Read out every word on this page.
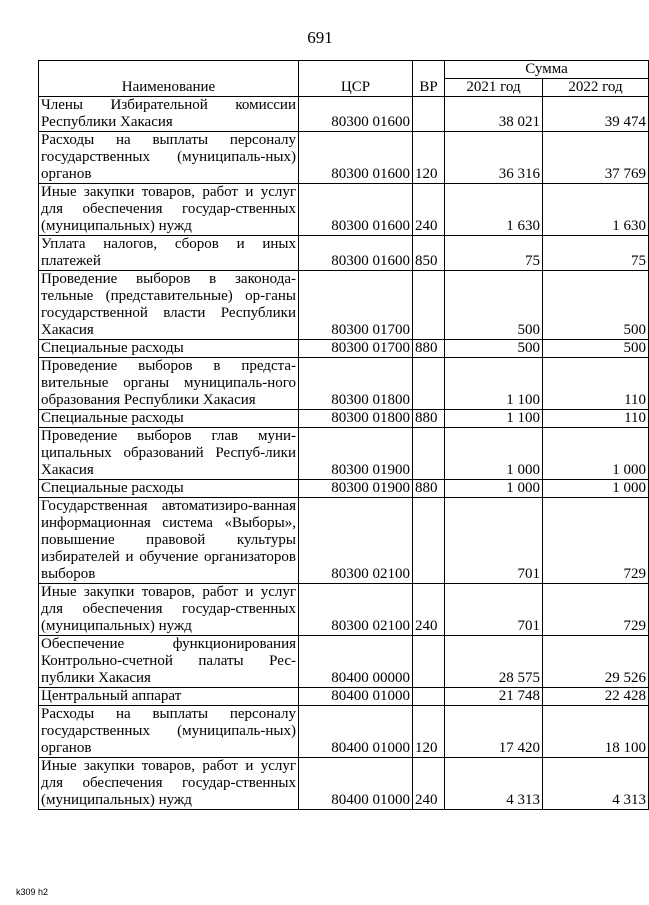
691
Наименование	ЦСР	ВР	Сумма	
			2021 год	2022 год
Члены Избирательной комиссии Республики Хакасия	80300 01600		38 021	39 474
Расходы на выплаты персоналу государственных (муниципаль-ных) органов	80300 01600	120	36 316	37 769
Иные закупки товаров, работ и услуг для обеспечения государ-ственных (муниципальных) нужд	80300 01600	240	1 630	1 630
Уплата налогов, сборов и иных платежей	80300 01600	850	75	75
Проведение выборов в законода-тельные (представительные) ор-ганы государственной власти Республики Хакасия	80300 01700		500	500
Специальные расходы	80300 01700	880	500	500
Проведение выборов в предста-вительные органы муниципаль-ного образования Республики Хакасия	80300 01800		1 100	110
Специальные расходы	80300 01800	880	1 100	110
Проведение выборов глав муни-ципальных образований Респуб-лики Хакасия	80300 01900		1 000	1 000
Специальные расходы	80300 01900	880	1 000	1 000
Государственная автоматизиро-ванная информационная система «Выборы», повышение правовой культуры избирателей и обучение организаторов выборов	80300 02100		701	729
Иные закупки товаров, работ и услуг для обеспечения государ-ственных (муниципальных) нужд	80300 02100	240	701	729
Обеспечение функционирования Контрольно-счетной палаты Рес-публики Хакасия	80400 00000		28 575	29 526
Центральный аппарат	80400 01000		21 748	22 428
Расходы на выплаты персоналу государственных (муниципаль-ных) органов	80400 01000	120	17 420	18 100
Иные закупки товаров, работ и услуг для обеспечения государ-ственных (муниципальных) нужд	80400 01000	240	4 313	4 313
k309 h2
